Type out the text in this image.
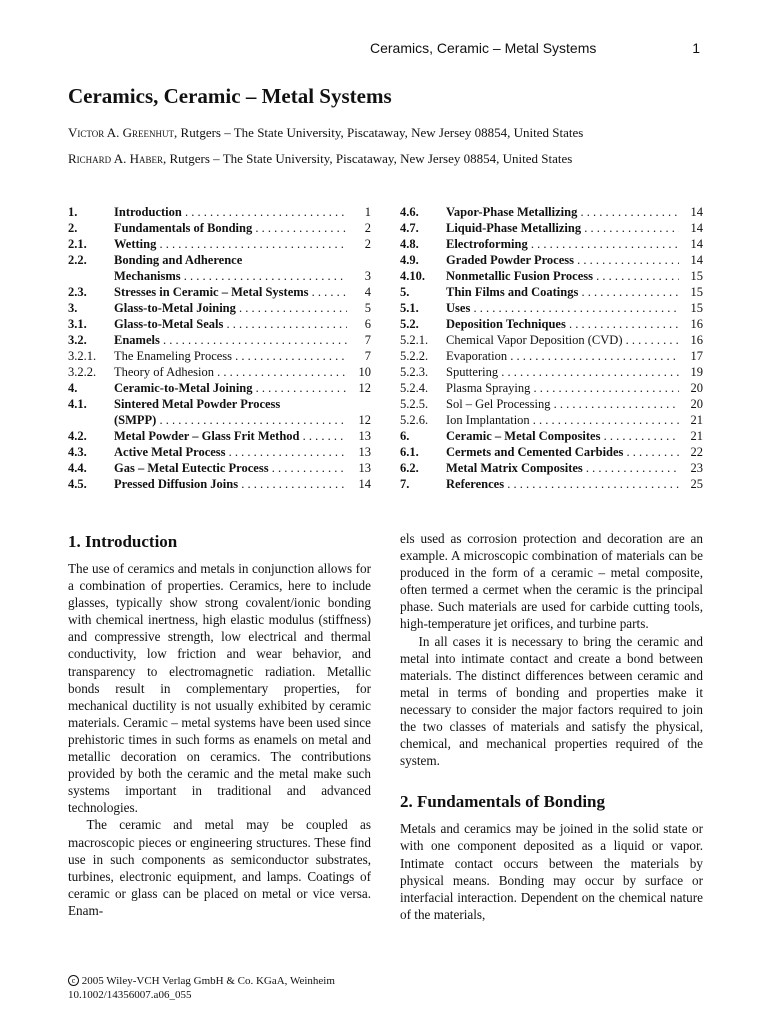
Ceramics, Ceramic – Metal Systems	1
Ceramics, Ceramic – Metal Systems
Victor A. Greenhut, Rutgers – The State University, Piscataway, New Jersey 08854, United States
Richard A. Haber, Rutgers – The State University, Piscataway, New Jersey 08854, United States
1.	Introduction . . .	1
2.	Fundamentals of Bonding . . .	2
2.1. Wetting . . .	2
2.2. Bonding and Adherence
Mechanisms . . .	3
2.3. Stresses in Ceramic – Metal Systems . . .	4
3.	Glass-to-Metal Joining . . .	5
3.1. Glass-to-Metal Seals . . .	6
3.2. Enamels . . .	7
3.2.1. The Enameling Process . . .	7
3.2.2. Theory of Adhesion . . .	10
4.	Ceramic-to-Metal Joining . . .	12
4.1. Sintered Metal Powder Process
(SMPP) . . .	12
4.2. Metal Powder – Glass Frit Method . . .	13
4.3. Active Metal Process . . .	13
4.4. Gas – Metal Eutectic Process . . .	13
4.5. Pressed Diffusion Joins . . .	14
4.6. Vapor-Phase Metallizing . . .	14
4.7. Liquid-Phase Metallizing . . .	14
4.8. Electroforming . . .	14
4.9. Graded Powder Process . . .	14
4.10. Nonmetallic Fusion Process . . .	15
5.	Thin Films and Coatings . . .	15
5.1. Uses . . .	15
5.2. Deposition Techniques . . .	16
5.2.1. Chemical Vapor Deposition (CVD) . . .	16
5.2.2. Evaporation . . .	17
5.2.3. Sputtering . . .	19
5.2.4. Plasma Spraying . . .	20
5.2.5. Sol – Gel Processing . . .	20
5.2.6. Ion Implantation . . .	21
6.	Ceramic – Metal Composites . . .	21
6.1. Cermets and Cemented Carbides . . .	22
6.2. Metal Matrix Composites . . .	23
7.	References . . .	25
1. Introduction

The use of ceramics and metals in conjunction allows for a combination of properties. Ceramics, here to include glasses, typically show strong covalent/ionic bonding with chemical inertness, high elastic modulus (stiffness) and compressive strength, low electrical and thermal conductivity, low friction and wear behavior, and transparency to electromagnetic radiation. Metallic bonds result in complementary properties, for mechanical ductility is not usually exhibited by ceramic materials. Ceramic – metal systems have been used since prehistoric times in such forms as enamels on metal and metallic decoration on ceramics. The contributions provided by both the ceramic and the metal make such systems important in traditional and advanced technologies.

The ceramic and metal may be coupled as macroscopic pieces or engineering structures. These find use in such components as semiconductor substrates, turbines, electronic equipment, and lamps. Coatings of ceramic or glass can be placed on metal or vice versa. Enam-

els used as corrosion protection and decoration are an example. A microscopic combination of materials can be produced in the form of a ceramic – metal composite, often termed a cermet when the ceramic is the principal phase. Such materials are used for carbide cutting tools, high-temperature jet orifices, and turbine parts.

In all cases it is necessary to bring the ceramic and metal into intimate contact and create a bond between materials. The distinct differences between ceramic and metal in terms of bonding and properties make it necessary to consider the major factors required to join the two classes of materials and satisfy the physical, chemical, and mechanical properties required of the system.

2. Fundamentals of Bonding

Metals and ceramics may be joined in the solid state or with one component deposited as a liquid or vapor. Intimate contact occurs between the materials by physical means. Bonding may occur by surface or interfacial interaction. Dependent on the chemical nature of the materials,

c 2005 Wiley-VCH Verlag GmbH & Co. KGaA, Weinheim
10.1002/14356007.a06_055
